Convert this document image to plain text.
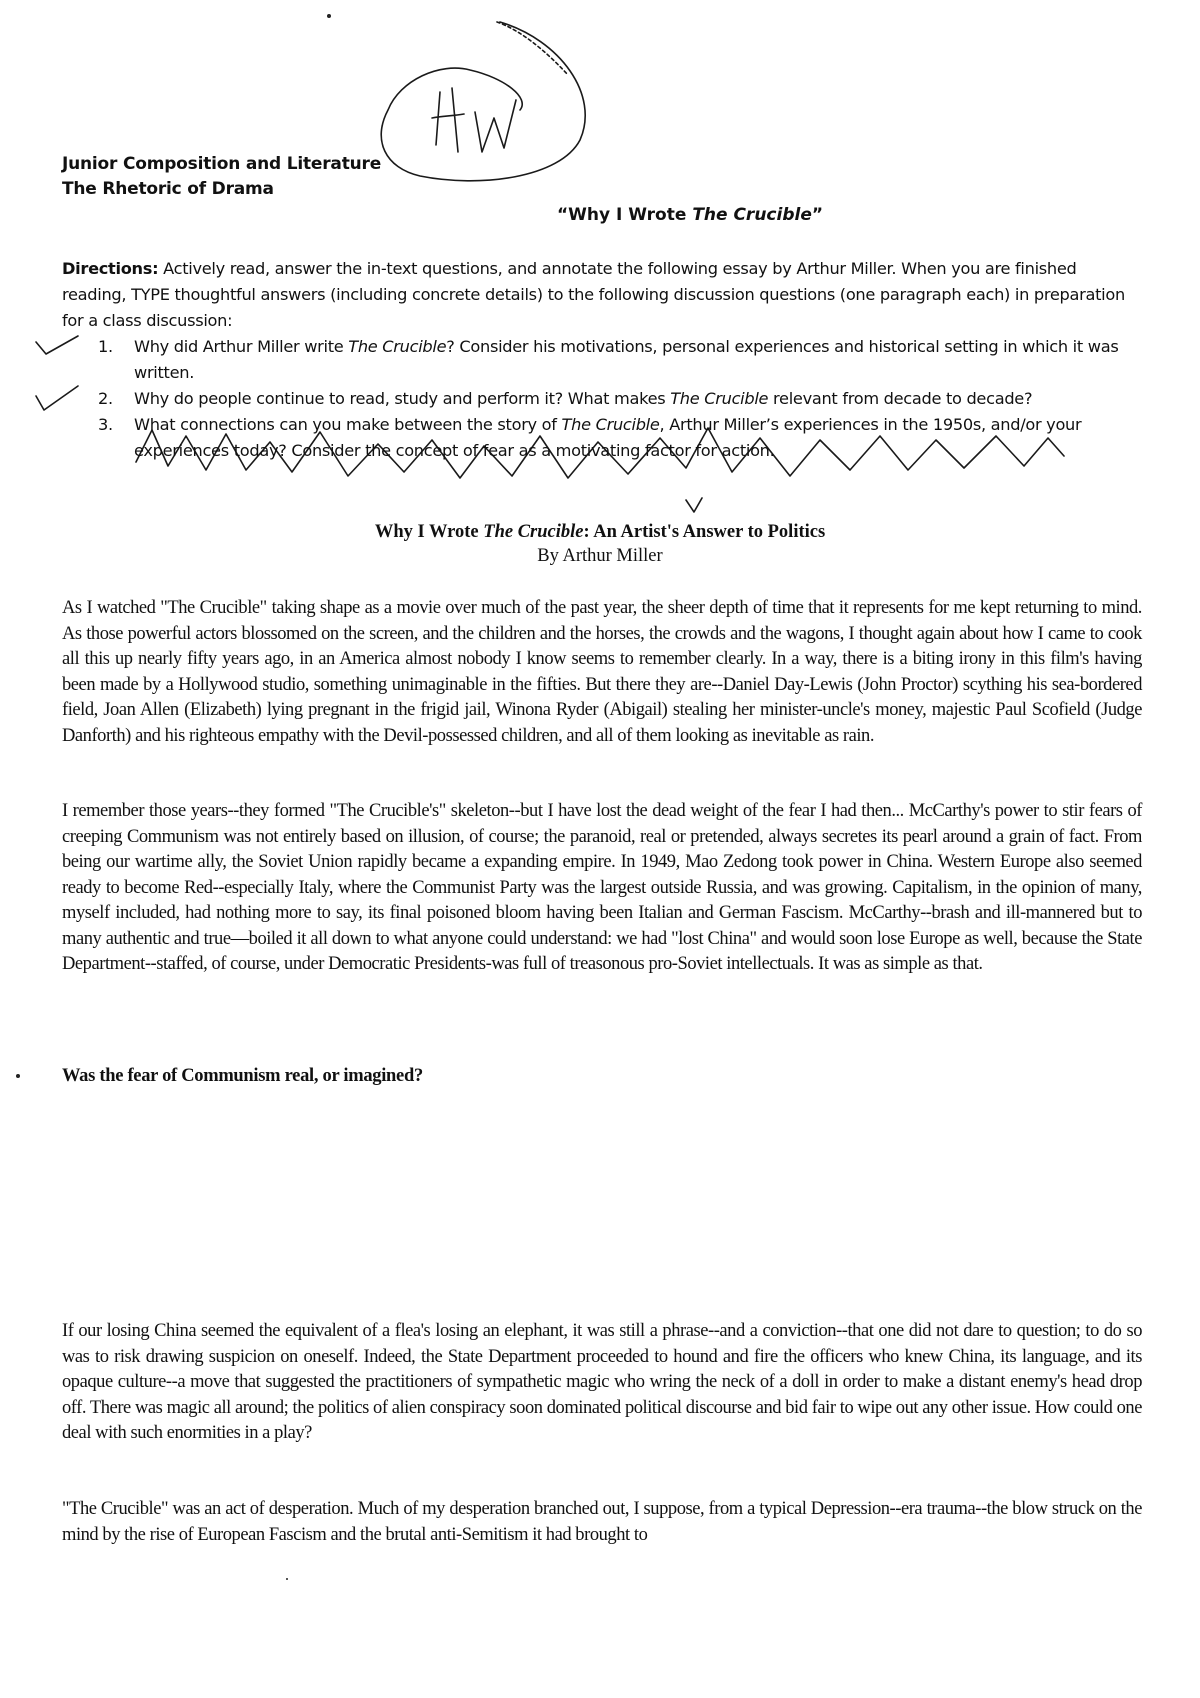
Junior Composition and Literature
The Rhetoric of Drama
“Why I Wrote The Crucible”
Directions: Actively read, answer the in-text questions, and annotate the following essay by Arthur Miller. When you are finished reading, TYPE thoughtful answers (including concrete details) to the following discussion questions (one paragraph each) in preparation for a class discussion:
1. Why did Arthur Miller write The Crucible? Consider his motivations, personal experiences and historical setting in which it was written.
2. Why do people continue to read, study and perform it? What makes The Crucible relevant from decade to decade?
3. What connections can you make between the story of The Crucible, Arthur Miller’s experiences in the 1950s, and/or your experiences today? Consider the concept of fear as a motivating factor for action.
Why I Wrote The Crucible: An Artist's Answer to Politics
By Arthur Miller
As I watched "The Crucible" taking shape as a movie over much of the past year, the sheer depth of time that it represents for me kept returning to mind. As those powerful actors blossomed on the screen, and the children and the horses, the crowds and the wagons, I thought again about how I came to cook all this up nearly fifty years ago, in an America almost nobody I know seems to remember clearly. In a way, there is a biting irony in this film's having been made by a Hollywood studio, something unimaginable in the fifties. But there they are--Daniel Day-Lewis (John Proctor) scything his sea-bordered field, Joan Allen (Elizabeth) lying pregnant in the frigid jail, Winona Ryder (Abigail) stealing her minister-uncle's money, majestic Paul Scofield (Judge Danforth) and his righteous empathy with the Devil-possessed children, and all of them looking as inevitable as rain.
I remember those years--they formed "The Crucible's" skeleton--but I have lost the dead weight of the fear I had then... McCarthy's power to stir fears of creeping Communism was not entirely based on illusion, of course; the paranoid, real or pretended, always secretes its pearl around a grain of fact. From being our wartime ally, the Soviet Union rapidly became a expanding empire. In 1949, Mao Zedong took power in China. Western Europe also seemed ready to become Red--especially Italy, where the Communist Party was the largest outside Russia, and was growing. Capitalism, in the opinion of many, myself included, had nothing more to say, its final poisoned bloom having been Italian and German Fascism. McCarthy--brash and ill-mannered but to many authentic and true—boiled it all down to what anyone could understand: we had "lost China" and would soon lose Europe as well, because the State Department--staffed, of course, under Democratic Presidents-was full of treasonous pro-Soviet intellectuals. It was as simple as that.
Was the fear of Communism real, or imagined?
If our losing China seemed the equivalent of a flea's losing an elephant, it was still a phrase--and a conviction--that one did not dare to question; to do so was to risk drawing suspicion on oneself. Indeed, the State Department proceeded to hound and fire the officers who knew China, its language, and its opaque culture--a move that suggested the practitioners of sympathetic magic who wring the neck of a doll in order to make a distant enemy's head drop off. There was magic all around; the politics of alien conspiracy soon dominated political discourse and bid fair to wipe out any other issue. How could one deal with such enormities in a play?
"The Crucible" was an act of desperation. Much of my desperation branched out, I suppose, from a typical Depression--era trauma--the blow struck on the mind by the rise of European Fascism and the brutal anti-Semitism it had brought to
